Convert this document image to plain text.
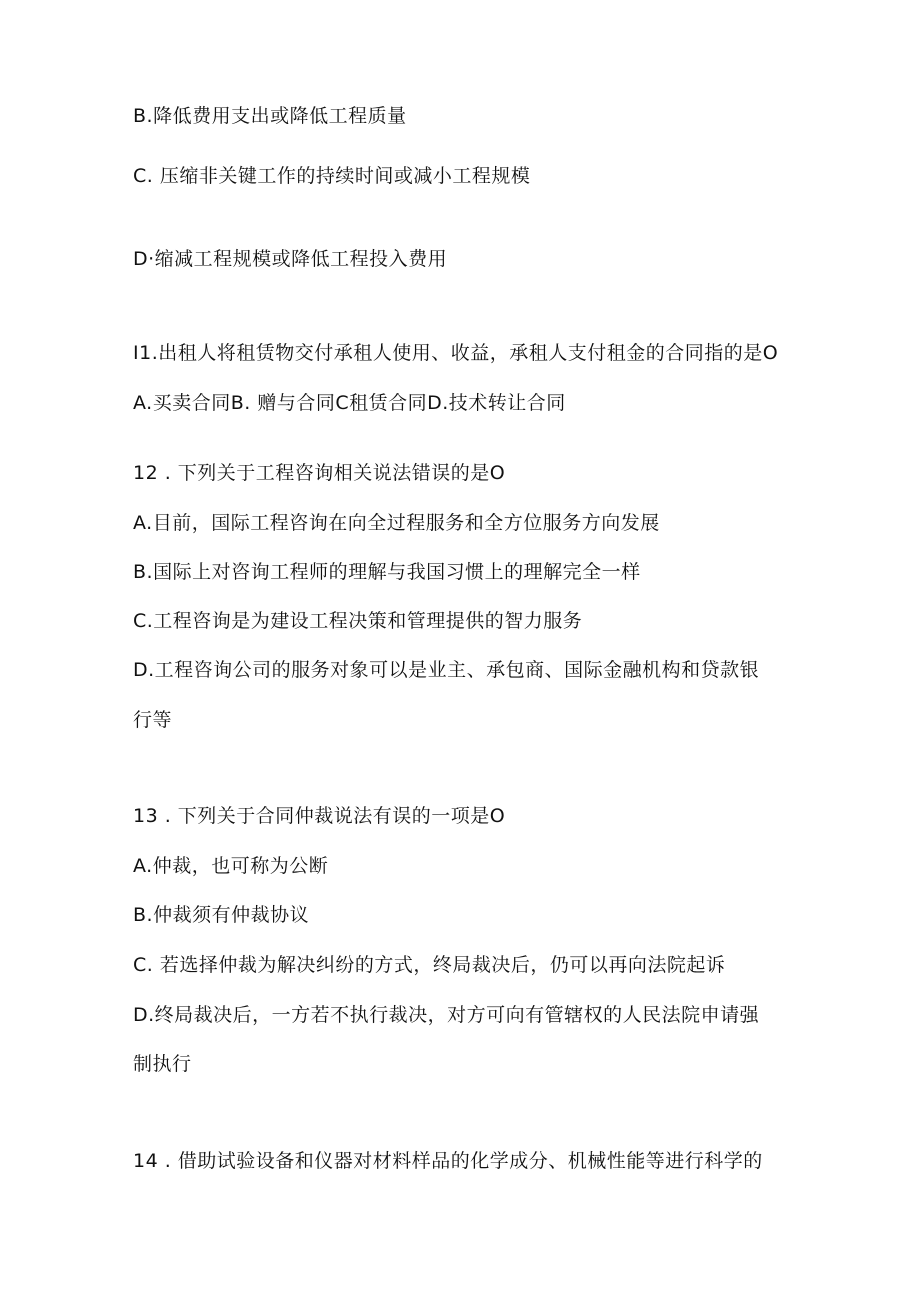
B.降低费用支出或降低工程质量
C. 压缩非关键工作的持续时间或减小工程规模
D·缩减工程规模或降低工程投入费用
I1.出租人将租赁物交付承租人使用、收益，承租人支付租金的合同指的是O
A.买卖合同B. 赠与合同C租赁合同D.技术转让合同
12 . 下列关于工程咨询相关说法错误的是O
A.目前，国际工程咨询在向全过程服务和全方位服务方向发展
B.国际上对咨询工程师的理解与我国习惯上的理解完全一样
C.工程咨询是为建设工程决策和管理提供的智力服务
D.工程咨询公司的服务对象可以是业主、承包商、国际金融机构和贷款银
行等
13 . 下列关于合同仲裁说法有误的一项是O
A.仲裁，也可称为公断
B.仲裁须有仲裁协议
C. 若选择仲裁为解决纠纷的方式，终局裁决后，仍可以再向法院起诉
D.终局裁决后，一方若不执行裁决，对方可向有管辖权的人民法院申请强
制执行
14 . 借助试验设备和仪器对材料样品的化学成分、机械性能等进行科学的
